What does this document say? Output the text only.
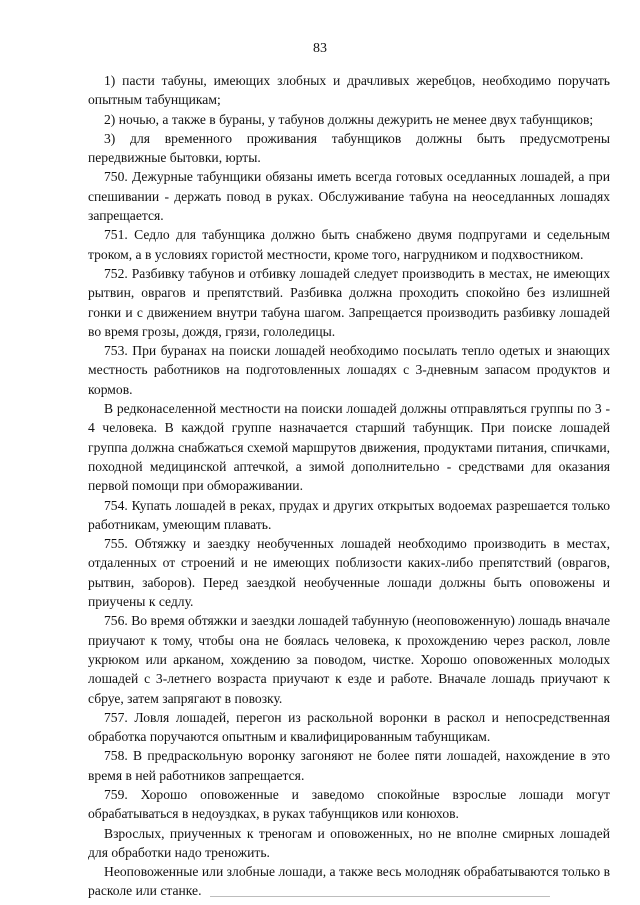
83

1) пасти табуны, имеющих злобных и драчливых жеребцов, необходимо поручать опытным табунщикам;

2) ночью, а также в бураны, у табунов должны дежурить не менее двух табунщиков;

3) для временного проживания табунщиков должны быть предусмотрены передвижные бытовки, юрты.

750. Дежурные табунщики обязаны иметь всегда готовых оседланных лошадей, а при спешивании - держать повод в руках. Обслуживание табуна на неоседланных лошадях запрещается.

751. Седло для табунщика должно быть снабжено двумя подпругами и седельным троком, а в условиях гористой местности, кроме того, нагрудником и подхвостником.

752. Разбивку табунов и отбивку лошадей следует производить в местах, не имеющих рытвин, оврагов и препятствий. Разбивка должна проходить спокойно без излишней гонки и с движением внутри табуна шагом. Запрещается производить разбивку лошадей во время грозы, дождя, грязи, гололедицы.

753. При буранах на поиски лошадей необходимо посылать тепло одетых и знающих местность работников на подготовленных лошадях с 3-дневным запасом продуктов и кормов.

В редконаселенной местности на поиски лошадей должны отправляться группы по 3 - 4 человека. В каждой группе назначается старший табунщик. При поиске лошадей группа должна снабжаться схемой маршрутов движения, продуктами питания, спичками, походной медицинской аптечкой, а зимой дополнительно - средствами для оказания первой помощи при обмораживании.

754. Купать лошадей в реках, прудах и других открытых водоемах разрешается только работникам, умеющим плавать.

755. Обтяжку и заездку необученных лошадей необходимо производить в местах, отдаленных от строений и не имеющих поблизости каких-либо препятствий (оврагов, рытвин, заборов). Перед заездкой необученные лошади должны быть оповожены и приучены к седлу.

756. Во время обтяжки и заездки лошадей табунную (неоповоженную) лошадь вначале приучают к тому, чтобы она не боялась человека, к прохождению через раскол, ловле укрюком или арканом, хождению за поводом, чистке. Хорошо оповоженных молодых лошадей с 3-летнего возраста приучают к езде и работе. Вначале лошадь приучают к сбруе, затем запрягают в повозку.

757. Ловля лошадей, перегон из раскольной воронки в раскол и непосредственная обработка поручаются опытным и квалифицированным табунщикам.

758. В предраскольную воронку загоняют не более пяти лошадей, нахождение в это время в ней работников запрещается.

759. Хорошо оповоженные и заведомо спокойные взрослые лошади могут обрабатываться в недоуздках, в руках табунщиков или конюхов.

Взрослых, приученных к треногам и оповоженных, но не вполне смирных лошадей для обработки надо треножить.

Неоповоженные или злобные лошади, а также весь молодняк обрабатываются только в расколе или станке.
